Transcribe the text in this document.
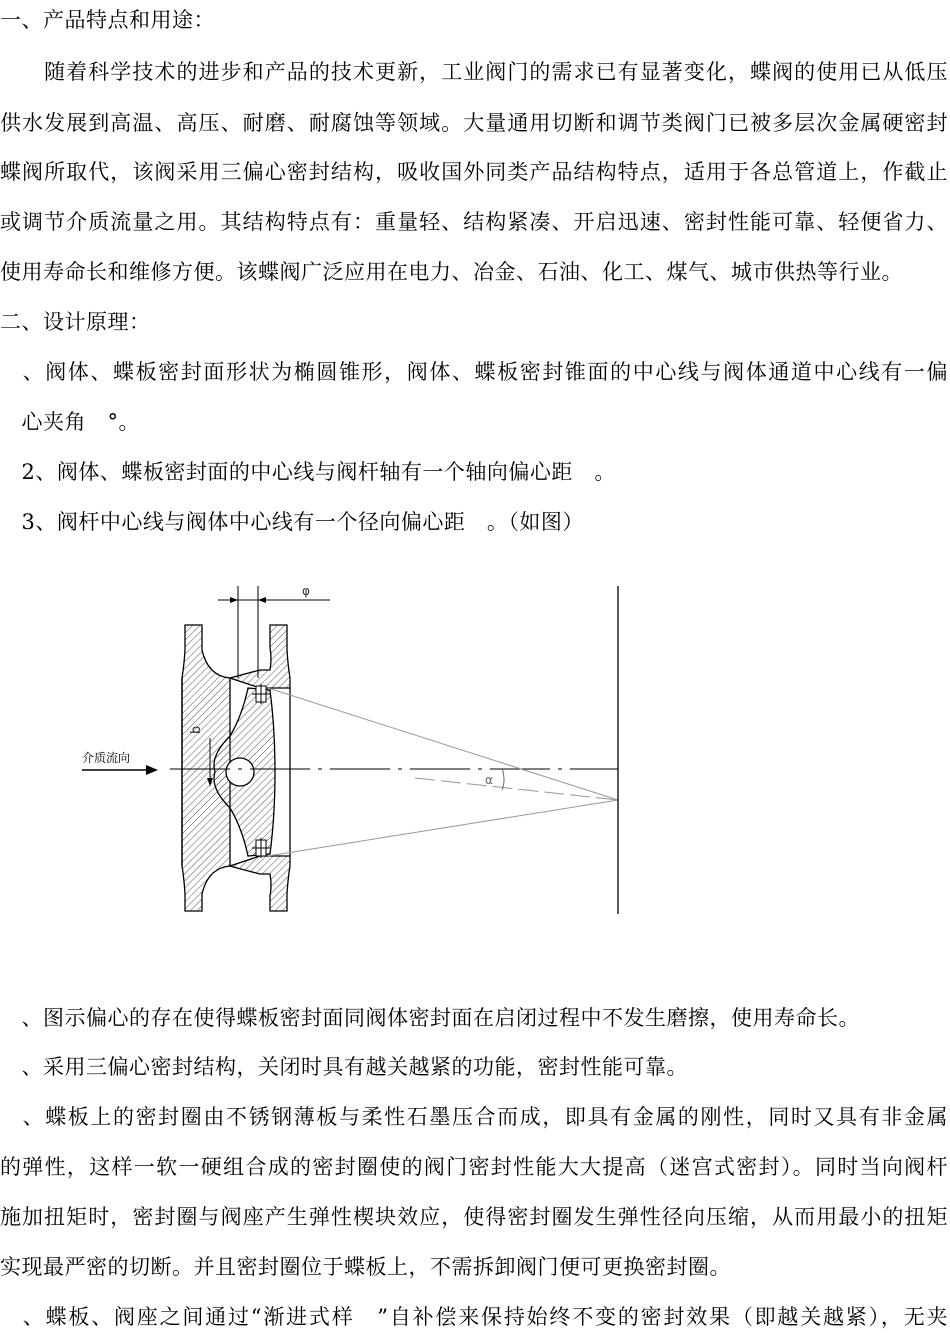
一、产品特点和用途：
　　随着科学技术的进步和产品的技术更新，工业阀门的需求已有显著变化，蝶阀的使用已从低压
供水发展到高温、高压、耐磨、耐腐蚀等领域。大量通用切断和调节类阀门已被多层次金属硬密封
蝶阀所取代，该阀采用三偏心密封结构，吸收国外同类产品结构特点，适用于各总管道上，作截止
或调节介质流量之用。其结构特点有：重量轻、结构紧凑、开启迅速、密封性能可靠、轻便省力、
使用寿命长和维修方便。该蝶阀广泛应用在电力、冶金、石油、化工、煤气、城市供热等行业。
二、设计原理：
　、阀体、蝶板密封面形状为椭圆锥形，阀体、蝶板密封锥面的中心线与阀体通道中心线有一偏
　心夹角　°。
　2、阀体、蝶板密封面的中心线与阀杆轴有一个轴向偏心距　。
　3、阀杆中心线与阀体中心线有一个径向偏心距　。（如图）
φ
b
α
介质流向
　、图示偏心的存在使得蝶板密封面同阀体密封面在启闭过程中不发生磨擦，使用寿命长。
　、采用三偏心密封结构，关闭时具有越关越紧的功能，密封性能可靠。
　、蝶板上的密封圈由不锈钢薄板与柔性石墨压合而成，即具有金属的刚性，同时又具有非金属
的弹性，这样一软一硬组合成的密封圈使的阀门密封性能大大提高（迷宫式密封）。同时当向阀杆
施加扭矩时，密封圈与阀座产生弹性楔块效应，使得密封圈发生弹性径向压缩，从而用最小的扭矩
实现最严密的切断。并且密封圈位于蝶板上，不需拆卸阀门便可更换密封圈。
　、蝶板、阀座之间通过“渐进式样　”自补偿来保持始终不变的密封效果（即越关越紧），无夹
